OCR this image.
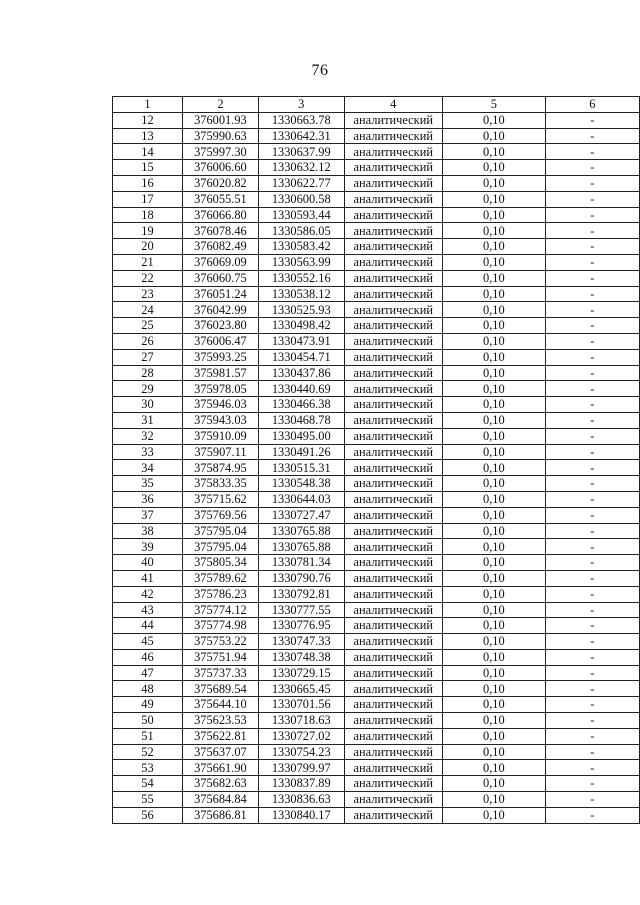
76
1	2	3	4	5	6
12	376001.93	1330663.78	аналитический	0,10	-
13	375990.63	1330642.31	аналитический	0,10	-
14	375997.30	1330637.99	аналитический	0,10	-
15	376006.60	1330632.12	аналитический	0,10	-
16	376020.82	1330622.77	аналитический	0,10	-
17	376055.51	1330600.58	аналитический	0,10	-
18	376066.80	1330593.44	аналитический	0,10	-
19	376078.46	1330586.05	аналитический	0,10	-
20	376082.49	1330583.42	аналитический	0,10	-
21	376069.09	1330563.99	аналитический	0,10	-
22	376060.75	1330552.16	аналитический	0,10	-
23	376051.24	1330538.12	аналитический	0,10	-
24	376042.99	1330525.93	аналитический	0,10	-
25	376023.80	1330498.42	аналитический	0,10	-
26	376006.47	1330473.91	аналитический	0,10	-
27	375993.25	1330454.71	аналитический	0,10	-
28	375981.57	1330437.86	аналитический	0,10	-
29	375978.05	1330440.69	аналитический	0,10	-
30	375946.03	1330466.38	аналитический	0,10	-
31	375943.03	1330468.78	аналитический	0,10	-
32	375910.09	1330495.00	аналитический	0,10	-
33	375907.11	1330491.26	аналитический	0,10	-
34	375874.95	1330515.31	аналитический	0,10	-
35	375833.35	1330548.38	аналитический	0,10	-
36	375715.62	1330644.03	аналитический	0,10	-
37	375769.56	1330727.47	аналитический	0,10	-
38	375795.04	1330765.88	аналитический	0,10	-
39	375795.04	1330765.88	аналитический	0,10	-
40	375805.34	1330781.34	аналитический	0,10	-
41	375789.62	1330790.76	аналитический	0,10	-
42	375786.23	1330792.81	аналитический	0,10	-
43	375774.12	1330777.55	аналитический	0,10	-
44	375774.98	1330776.95	аналитический	0,10	-
45	375753.22	1330747.33	аналитический	0,10	-
46	375751.94	1330748.38	аналитический	0,10	-
47	375737.33	1330729.15	аналитический	0,10	-
48	375689.54	1330665.45	аналитический	0,10	-
49	375644.10	1330701.56	аналитический	0,10	-
50	375623.53	1330718.63	аналитический	0,10	-
51	375622.81	1330727.02	аналитический	0,10	-
52	375637.07	1330754.23	аналитический	0,10	-
53	375661.90	1330799.97	аналитический	0,10	-
54	375682.63	1330837.89	аналитический	0,10	-
55	375684.84	1330836.63	аналитический	0,10	-
56	375686.81	1330840.17	аналитический	0,10	-
